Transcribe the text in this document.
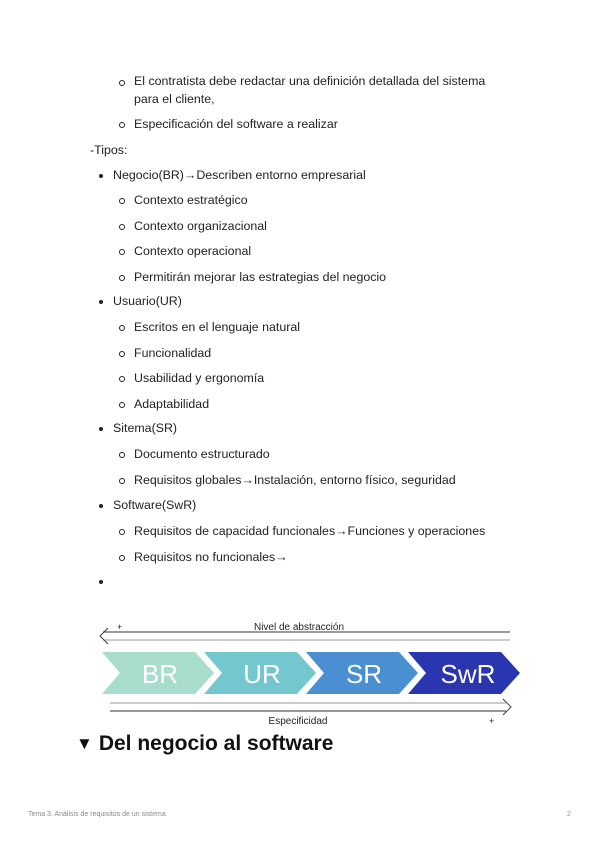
El contratista debe redactar una definición detallada del sistema
para el cliente,
Especificación del software a realizar
-Tipos:
Negocio(BR)→Describen entorno empresarial
Contexto estratégico
Contexto organizacional
Contexto operacional
Permitirán mejorar las estrategias del negocio
Usuario(UR)
Escritos en el lenguaje natural
Funcionalidad
Usabilidad y ergonomía
Adaptabilidad
Sitema(SR)
Documento estructurado
Requisitos globales→Instalación, entorno físico, seguridad
Software(SwR)
Requisitos de capacidad funcionales→Funciones y operaciones
Requisitos no funcionales→
+	Nivel de abstracción
BR	UR	SR SwR
Especificidad	+
▼ Del negocio al software
Tema 3. Análisis de requisitos de un sistema	2
